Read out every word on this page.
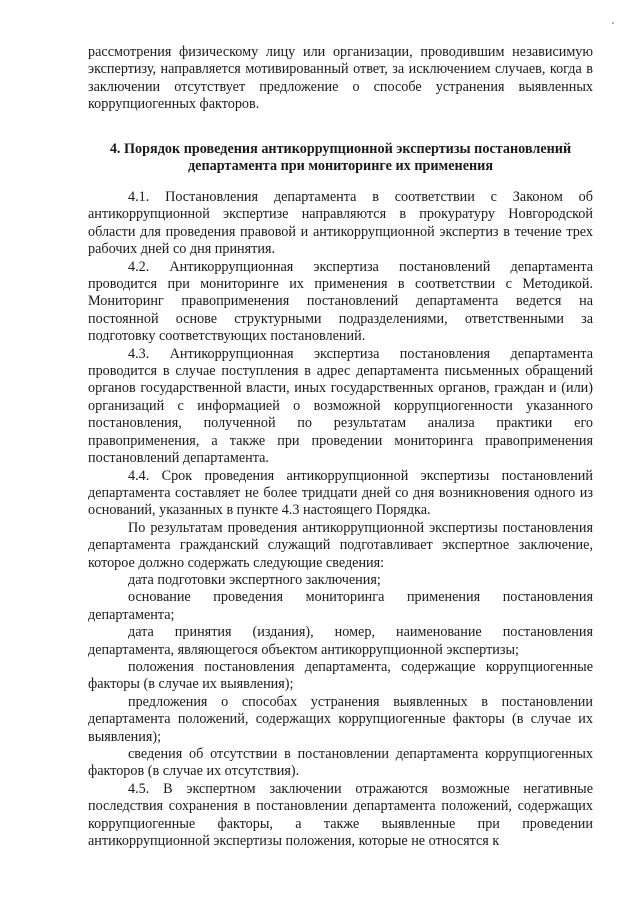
рассмотрения физическому лицу или организации, проводившим независимую экспертизу, направляется мотивированный ответ, за исключением случаев, когда в заключении отсутствует предложение о способе устранения выявленных коррупциогенных факторов.

4. Порядок проведения антикоррупционной экспертизы постановлений департамента при мониторинге их применения

4.1. Постановления департамента в соответствии с Законом об антикоррупционной экспертизе направляются в прокуратуру Новгородской области для проведения правовой и антикоррупционной экспертиз в течение трех рабочих дней со дня принятия.

4.2. Антикоррупционная экспертиза постановлений департамента проводится при мониторинге их применения в соответствии с Методикой. Мониторинг правоприменения постановлений департамента ведется на постоянной основе структурными подразделениями, ответственными за подготовку соответствующих постановлений.

4.3. Антикоррупционная экспертиза постановления департамента проводится в случае поступления в адрес департамента письменных обращений органов государственной власти, иных государственных органов, граждан и (или) организаций с информацией о возможной коррупциогенности указанного постановления, полученной по результатам анализа практики его правоприменения, а также при проведении мониторинга правоприменения постановлений департамента.

4.4. Срок проведения антикоррупционной экспертизы постановлений департамента составляет не более тридцати дней со дня возникновения одного из оснований, указанных в пункте 4.3 настоящего Порядка.

По результатам проведения антикоррупционной экспертизы постановления департамента гражданский служащий подготавливает экспертное заключение, которое должно содержать следующие сведения:

дата подготовки экспертного заключения;

основание проведения мониторинга применения постановления департамента;

дата принятия (издания), номер, наименование постановления департамента, являющегося объектом антикоррупционной экспертизы;

положения постановления департамента, содержащие коррупциогенные факторы (в случае их выявления);

предложения о способах устранения выявленных в постановлении департамента положений, содержащих коррупциогенные факторы (в случае их выявления);

сведения об отсутствии в постановлении департамента коррупциогенных факторов (в случае их отсутствия).

4.5. В экспертном заключении отражаются возможные негативные последствия сохранения в постановлении департамента положений, содержащих коррупциогенные факторы, а также выявленные при проведении антикоррупционной экспертизы положения, которые не относятся к
